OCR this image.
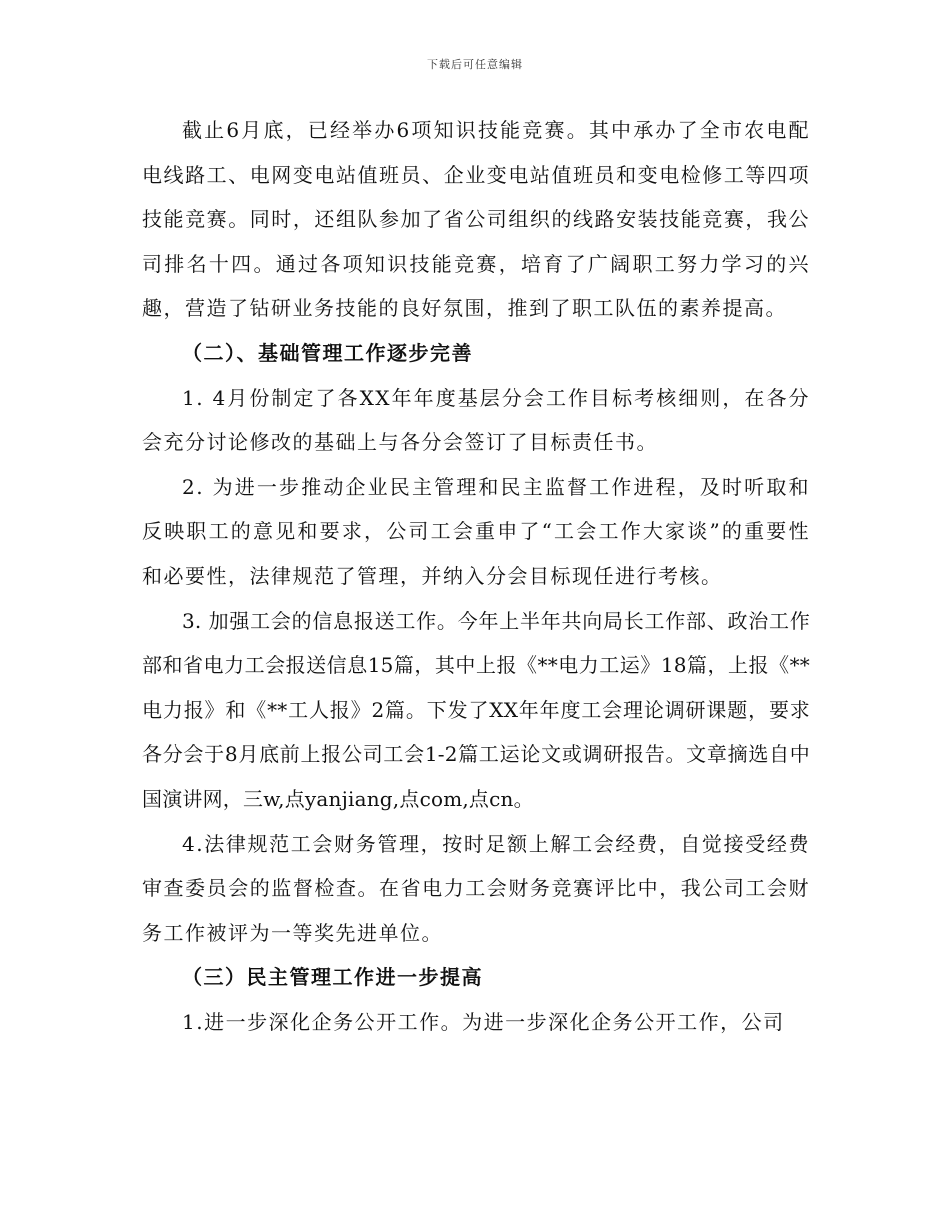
下载后可任意编辑

截止6月底，已经举办6项知识技能竞赛。其中承办了全市农电配电线路工、电网变电站值班员、企业变电站值班员和变电检修工等四项技能竞赛。同时，还组队参加了省公司组织的线路安装技能竞赛，我公司排名十四。通过各项知识技能竞赛，培育了广阔职工努力学习的兴趣，营造了钻研业务技能的良好氛围，推到了职工队伍的素养提高。

（二）、基础管理工作逐步完善

1. 4月份制定了各XX年年度基层分会工作目标考核细则，在各分会充分讨论修改的基础上与各分会签订了目标责任书。

2. 为进一步推动企业民主管理和民主监督工作进程，及时听取和反映职工的意见和要求，公司工会重申了“工会工作大家谈”的重要性和必要性，法律规范了管理，并纳入分会目标现任进行考核。

3. 加强工会的信息报送工作。今年上半年共向局长工作部、政治工作部和省电力工会报送信息15篇，其中上报《**电力工运》18篇，上报《**电力报》和《**工人报》2篇。下发了XX年年度工会理论调研课题，要求各分会于8月底前上报公司工会1-2篇工运论文或调研报告。文章摘选自中国演讲网，三w,点yanjiang,点com,点cn。

4.法律规范工会财务管理，按时足额上解工会经费，自觉接受经费审查委员会的监督检查。在省电力工会财务竞赛评比中，我公司工会财务工作被评为一等奖先进单位。

（三）民主管理工作进一步提高

1.进一步深化企务公开工作。为进一步深化企务公开工作，公司
